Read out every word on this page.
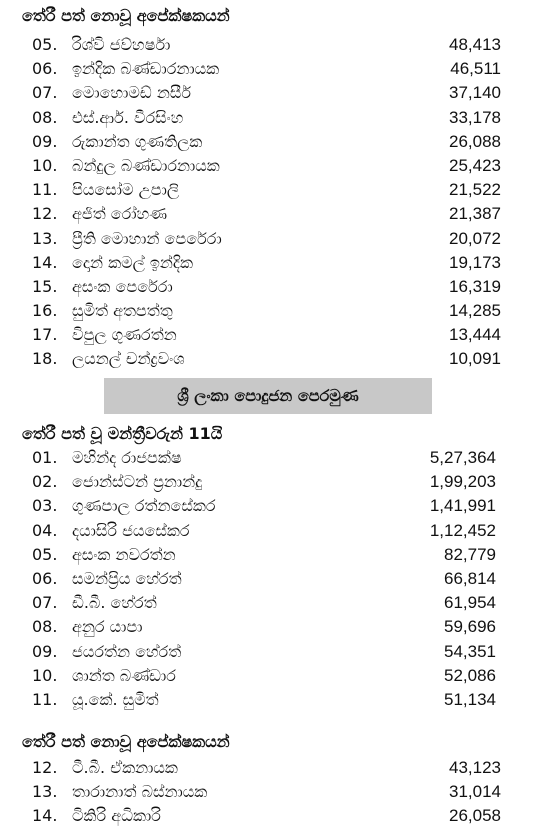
තේරී පත් නොවූ අපේක්ෂකයන්
05. රිශ්වි ජව්හර්ෂා	48,413
06. ඉන්දික බණ්ඩාරනායක	46,511
07. මොහොමඩ් නසීර්	37,140
08. එස්.ආර්. වීරසිංහ	33,178
09. රුකාන්ත ගුණතිලක	26,088
10. බන්දුල බණ්ඩාරනායක	25,423
11. පියසෝම උපාලි	21,522
12. අජිත් රෝහණ	21,387
13. ප්‍රීති මොහාන් පෙරේරා	20,072
14. දොන් කමල් ඉන්දික	19,173
15. අසංක පෙරේරා	16,319
16. සුමිත් අතපත්තු	14,285
17. විපුල ගුණරත්න	13,444
18. ලයනල් චන්ද්‍රවංශ	10,091
ශ්‍රී ලංකා පොදුජන පෙරමුණ
තේරී පත් වූ මන්ත්‍රීවරුන් 11යි
01. මහින්ද රාජපක්ෂ	5,27,364
02. ජොන්ස්ටන් ප්‍රනාන්දු	1,99,203
03. ගුණපාල රත්නසේකර	1,41,991
04. දයාසිරි ජයසේකර	1,12,452
05. අසංක නවරත්න	82,779
06. සමන්ප්‍රිය හේරත්	66,814
07. ඩී.බී. හේරත්	61,954
08. අනුර යාපා	59,696
09. ජයරත්න හේරත්	54,351
10. ශාන්ත බණ්ඩාර	52,086
11. යූ.කේ. සුමිත්	51,134
තේරී පත් නොවූ අපේක්ෂකයන්
12. ටී.බී. ඒකනායක	43,123
13. තාරානාත් බස්නායක	31,014
14. ටිකිරි අධිකාරි	26,058
